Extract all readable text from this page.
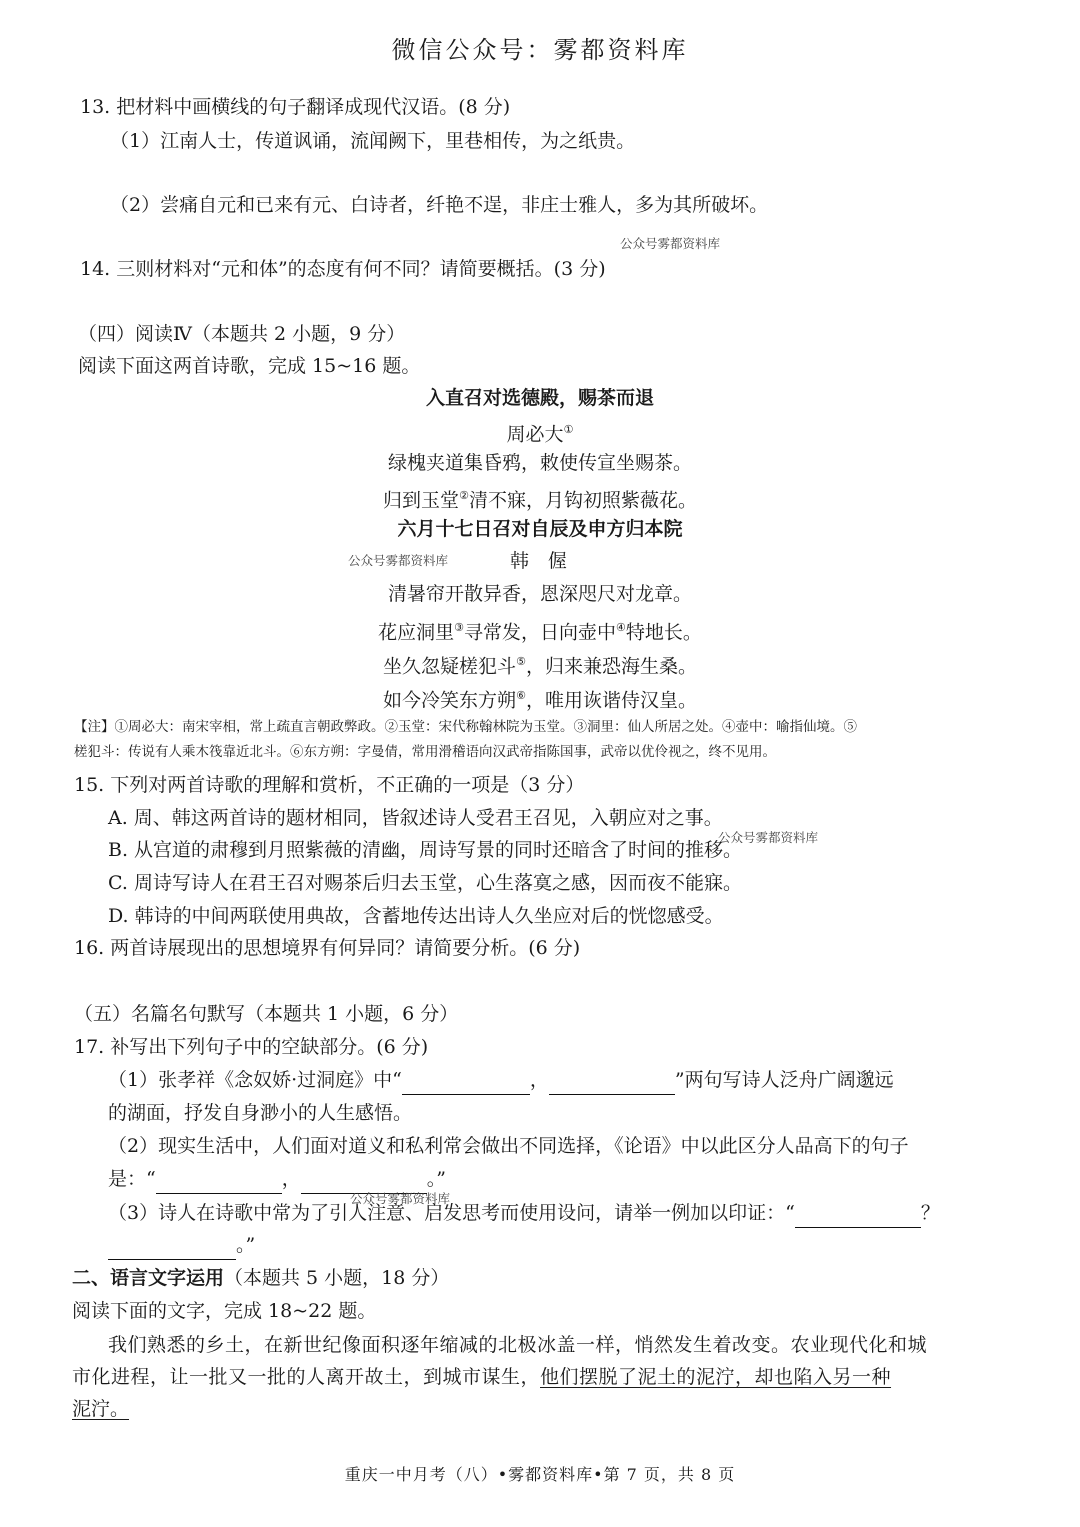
微信公众号：雾都资料库
13. 把材料中画横线的句子翻译成现代汉语。(8 分)
（1）江南人士，传道讽诵，流闻阙下，里巷相传，为之纸贵。
（2）尝痛自元和已来有元、白诗者，纤艳不逞，非庄士雅人，多为其所破坏。
公众号雾都资料库
14. 三则材料对“元和体”的态度有何不同？请简要概括。(3 分)
（四）阅读Ⅳ（本题共 2 小题，9 分）
阅读下面这两首诗歌，完成 15~16 题。
入直召对选德殿，赐茶而退
周必大①
绿槐夹道集昏鸦，敕使传宣坐赐茶。
归到玉堂②清不寐，月钩初照紫薇花。
六月十七日召对自辰及申方归本院
公众号雾都资料库	韩　偓
清暑帘开散异香，恩深咫尺对龙章。
花应洞里③寻常发，日向壶中④特地长。
坐久忽疑槎犯斗⑤，归来兼恐海生桑。
如今冷笑东方朔⑥，唯用诙谐侍汉皇。
【注】①周必大：南宋宰相，常上疏直言朝政弊政。②玉堂：宋代称翰林院为玉堂。③洞里：仙人所居之处。④壶中：喻指仙境。⑤
槎犯斗：传说有人乘木筏靠近北斗。⑥东方朔：字曼倩，常用滑稽语向汉武帝指陈国事，武帝以优伶视之，终不见用。
15. 下列对两首诗歌的理解和赏析，不正确的一项是（3 分）
A. 周、韩这两首诗的题材相同，皆叙述诗人受君王召见，入朝应对之事。
公众号雾都资料库
B. 从宫道的肃穆到月照紫薇的清幽，周诗写景的同时还暗含了时间的推移。
C. 周诗写诗人在君王召对赐茶后归去玉堂，心生落寞之感，因而夜不能寐。
D. 韩诗的中间两联使用典故，含蓄地传达出诗人久坐应对后的恍惚感受。
16. 两首诗展现出的思想境界有何异同？请简要分析。(6 分)
（五）名篇名句默写（本题共 1 小题，6 分）
17. 补写出下列句子中的空缺部分。(6 分)
（1）张孝祥《念奴娇·过洞庭》中“	，	”两句写诗人泛舟广阔邈远
的湖面，抒发自身渺小的人生感悟。
（2）现实生活中，人们面对道义和私利常会做出不同选择，《论语》中以此区分人品高下的句子
是：“	，	。”
公众号雾都资料库
（3）诗人在诗歌中常为了引人注意、启发思考而使用设问，请举一例加以印证：“	？
。”
二、语言文字运用（本题共 5 小题，18 分）
阅读下面的文字，完成 18~22 题。
我们熟悉的乡土，在新世纪像面积逐年缩减的北极冰盖一样，悄然发生着改变。农业现代化和城
市化进程，让一批又一批的人离开故土，到城市谋生，他们摆脱了泥土的泥泞，却也陷入另一种
泥泞。
重庆一中月考（八）•雾都资料库•第 7 页，共 8 页
